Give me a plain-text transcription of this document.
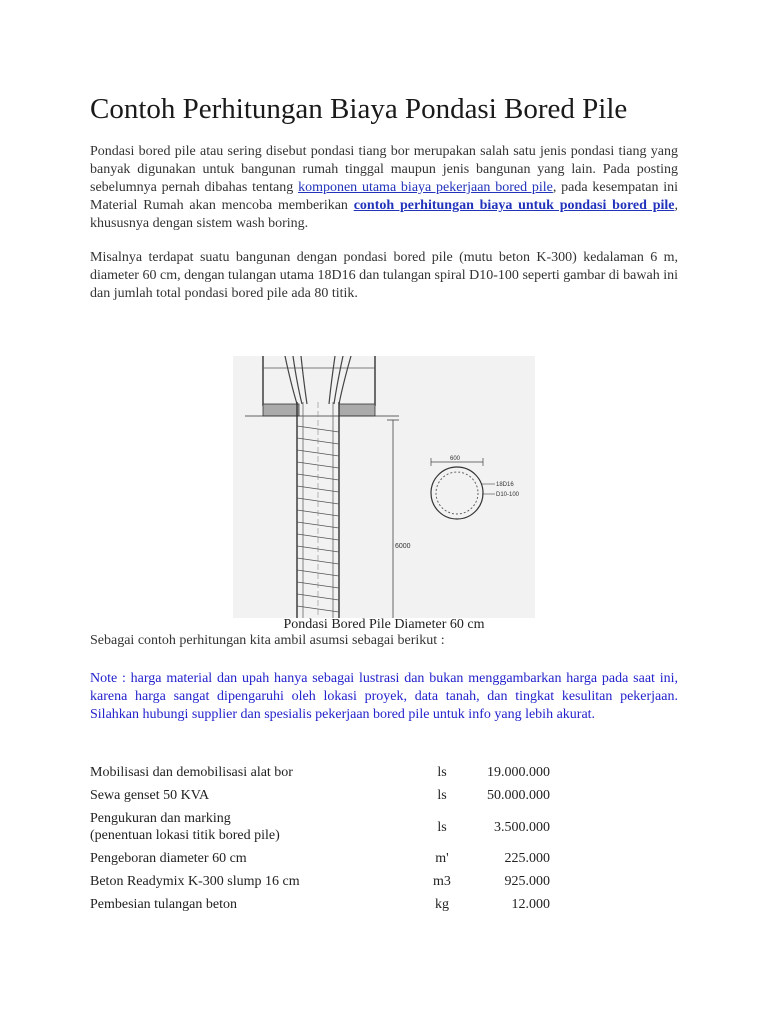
Contoh Perhitungan Biaya Pondasi Bored Pile

Pondasi bored pile atau sering disebut pondasi tiang bor merupakan salah satu jenis pondasi tiang yang banyak digunakan untuk bangunan rumah tinggal maupun jenis bangunan yang lain. Pada posting sebelumnya pernah dibahas tentang komponen utama biaya pekerjaan bored pile, pada kesempatan ini Material Rumah akan mencoba memberikan contoh perhitungan biaya untuk pondasi bored pile, khususnya dengan sistem wash boring.

Misalnya terdapat suatu bangunan dengan pondasi bored pile (mutu beton K-300) kedalaman 6 m, diameter 60 cm, dengan tulangan utama 18D16 dan tulangan spiral D10-100 seperti gambar di bawah ini dan jumlah total pondasi bored pile ada 80 titik.

6000
600
18D16
D10-100
Pondasi Bored Pile Diameter 60 cm
Sebagai contoh perhitungan kita ambil asumsi sebagai berikut :
Note : harga material dan upah hanya sebagai lustrasi dan bukan menggambarkan harga pada saat ini, karena harga sangat dipengaruhi oleh lokasi proyek, data tanah, dan tingkat kesulitan pekerjaan. Silahkan hubungi supplier dan spesialis pekerjaan bored pile untuk info yang lebih akurat.
Mobilisasi dan demobilisasi alat bor	ls	19.000.000
Sewa genset 50 KVA	ls	50.000.000
Pengukuran dan marking
(penentuan lokasi titik bored pile)	ls	3.500.000
Pengeboran diameter 60 cm	m'	225.000
Beton Readymix K-300 slump 16 cm	m3	925.000
Pembesian tulangan beton	kg	12.000
